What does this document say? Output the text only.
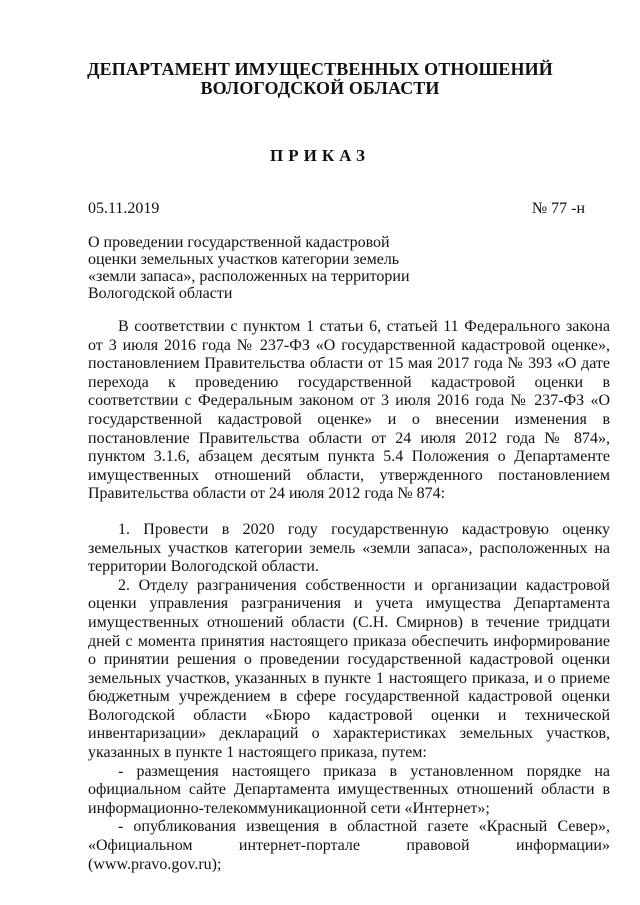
ДЕПАРТАМЕНТ ИМУЩЕСТВЕННЫХ ОТНОШЕНИЙ
ВОЛОГОДСКОЙ ОБЛАСТИ
ПРИКАЗ
05.11.2019	№ 77 -н
О проведении государственной кадастровой оценки земельных участков категории земель «земли запаса», расположенных на территории Вологодской области

В соответствии с пунктом 1 статьи 6, статьей 11 Федерального закона от 3 июля 2016 года № 237-ФЗ «О государственной кадастровой оценке», постановлением Правительства области от 15 мая 2017 года № 393 «О дате перехода к проведению государственной кадастровой оценки в соответствии с Федеральным законом от 3 июля 2016 года № 237-ФЗ «О государственной кадастровой оценке» и о внесении изменения в постановление Правительства области от 24 июля 2012 года № 874», пунктом 3.1.6, абзацем десятым пункта 5.4 Положения о Департаменте имущественных отношений области, утвержденного постановлением Правительства области от 24 июля 2012 года № 874:

1. Провести в 2020 году государственную кадастровую оценку земельных участков категории земель «земли запаса», расположенных на территории Вологодской области.

2. Отделу разграничения собственности и организации кадастровой оценки управления разграничения и учета имущества Департамента имущественных отношений области (С.Н. Смирнов) в течение тридцати дней с момента принятия настоящего приказа обеспечить информирование о принятии решения о проведении государственной кадастровой оценки земельных участков, указанных в пункте 1 настоящего приказа, и о приеме бюджетным учреждением в сфере государственной кадастровой оценки Вологодской области «Бюро кадастровой оценки и технической инвентаризации» деклараций о характеристиках земельных участков, указанных в пункте 1 настоящего приказа, путем:

- размещения настоящего приказа в установленном порядке на официальном сайте Департамента имущественных отношений области в информационно-телекоммуникационной сети «Интернет»;

- опубликования извещения в областной газете «Красный Север», «Официальном интернет-портале правовой информации» (www.pravo.gov.ru);
